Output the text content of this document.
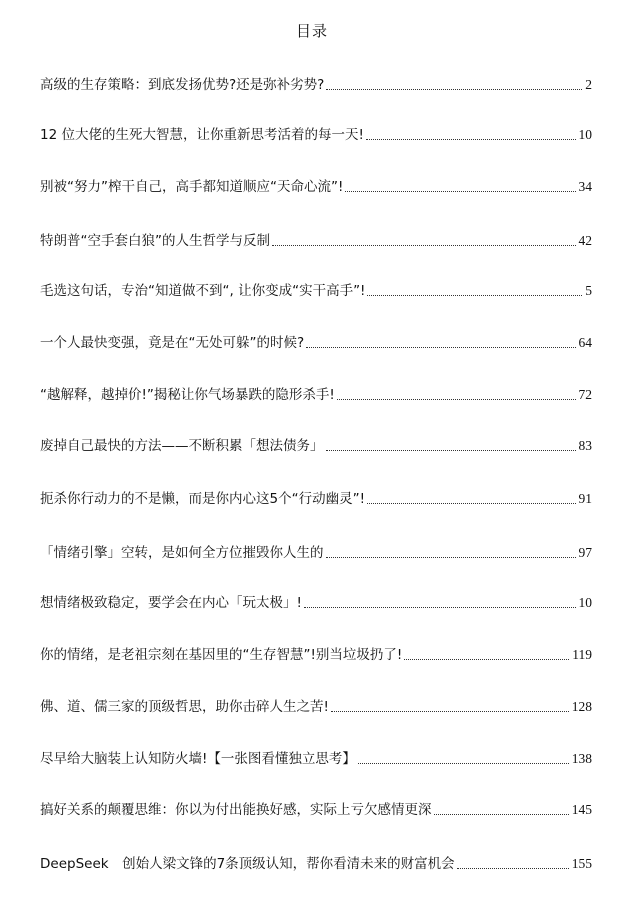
目录
高级的生存策略：到底发扬优势?还是弥补劣势?	2
12 位大佬的生死大智慧，让你重新思考活着的每一天!	10
别被“努力”榨干自己，高手都知道顺应“天命心流”!	34
特朗普“空手套白狼”的人生哲学与反制	42
毛选这句话，专治“知道做不到“, 让你变成“实干高手”!	5
一个人最快变强，竟是在“无处可躲”的时候?	64
“越解释，越掉价!”揭秘让你气场暴跌的隐形杀手!	72
废掉自己最快的方法——不断积累「想法债务」	83
扼杀你行动力的不是懒，而是你内心这5个“行动幽灵”!	91
「情绪引擎」空转，是如何全方位摧毁你人生的	97
想情绪极致稳定，要学会在内心「玩太极」!	10
你的情绪，是老祖宗刻在基因里的“生存智慧”!别当垃圾扔了!	119
佛、道、儒三家的顶级哲思，助你击碎人生之苦!	128
尽早给大脑装上认知防火墙!【一张图看懂独立思考】	138
搞好关系的颠覆思维：你以为付出能换好感，实际上亏欠感情更深	145
DeepSeek　创始人梁文锋的7条顶级认知，帮你看清未来的财富机会	155
